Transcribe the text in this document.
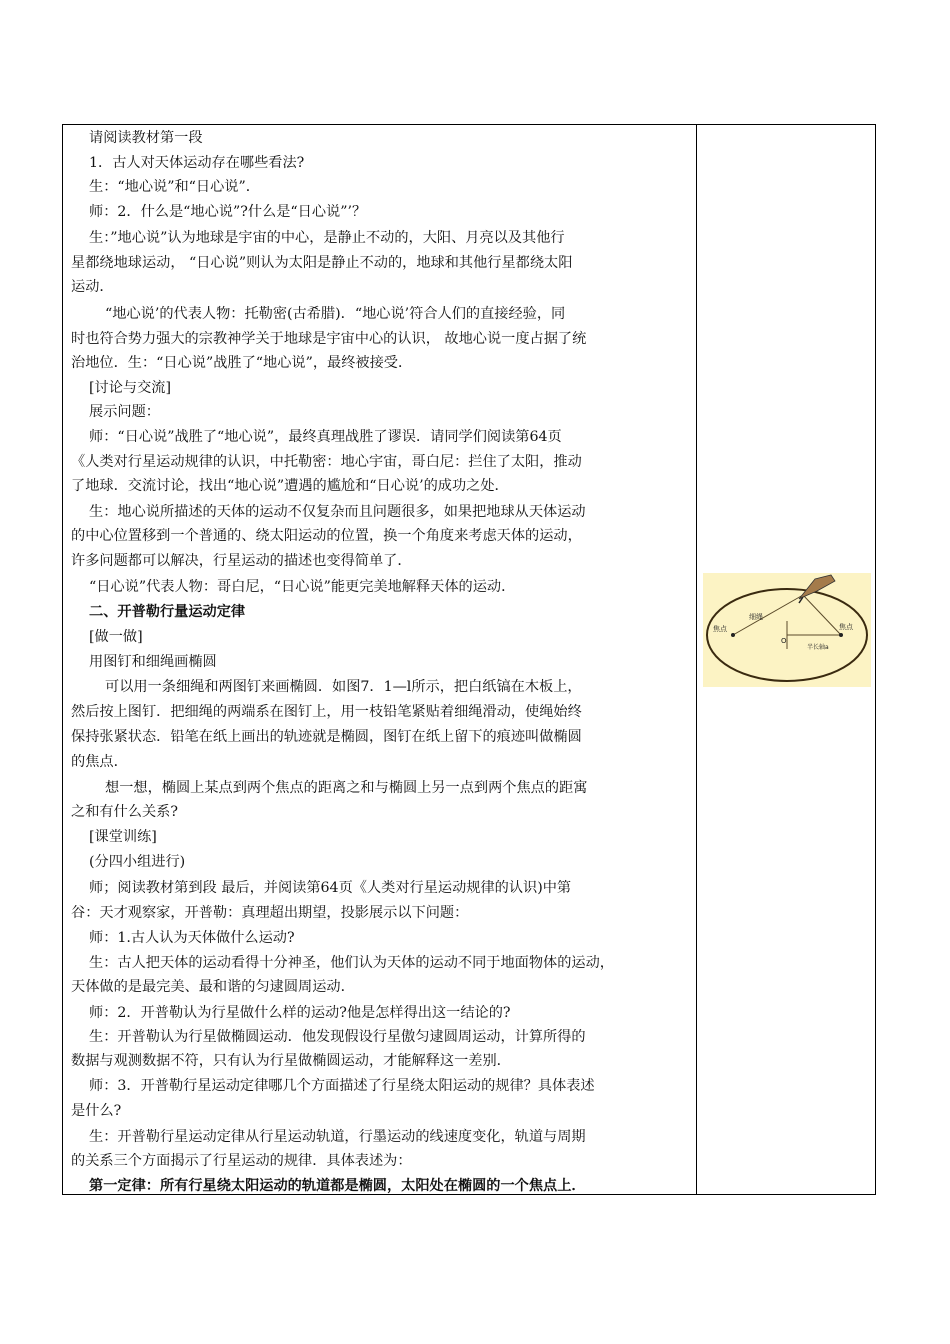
请阅读教材第一段
1．古人对天体运动存在哪些看法?
生：“地心说”和“日心说”．
师：2．什么是“地心说”?什么是“日心说”’？
生：”地心说”认为地球是宇宙的中心，是静止不动的，大阳、月亮以及其他行
星都绕地球运动， “日心说”则认为太阳是静止不动的，地球和其他行星都绕太阳
运动．
“地心说’的代表人物：托勒密(古希腊)．“地心说’符合人们的直接经验，同
时也符合势力强大的宗教神学关于地球是宇宙中心的认识， 故地心说一度占据了统
治地位．生：“日心说”战胜了“地心说”，最终被接受．
[讨论与交流]
展示问题：
师：“日心说”战胜了“地心说”，最终真理战胜了谬误．请同学们阅读第64页
《人类对行星运动规律的认识，中托勒密：地心宇宙，哥白尼：拦住了太阳，推动
了地球．交流讨论，找出“地心说”遭遇的尴尬和“日心说’的成功之处．
生：地心说所描述的天体的运动不仅复杂而且问题很多，如果把地球从天体运动
的中心位置移到一个普通的、绕太阳运动的位置，换一个角度来考虑天体的运动，
许多问题都可以解决，行星运动的描述也变得简单了．
“日心说”代表人物：哥白尼，“日心说”能更完美地解释天体的运动．
二、开普勒行量运动定律
[做一做]
用图钉和细绳画椭圆
可以用一条细绳和两图钉来画椭圆．如图7．1—l所示，把白纸镐在木板上，
然后按上图钉．把细绳的两端系在图钉上，用一枝铅笔紧贴着细绳滑动，使绳始终
保持张紧状态．铅笔在纸上画出的轨迹就是椭圆，图钉在纸上留下的痕迹叫做椭圆
的焦点．
想一想，椭圆上某点到两个焦点的距离之和与椭圆上另一点到两个焦点的距寓
之和有什么关系?
[课堂训练]
(分四小组进行)
师；阅读教材第到段 最后，并阅读第64页《人类对行星运动规律的认识)中第
谷：天才观察家，开普勒：真理超出期望，投影展示以下问题：
师：1.古人认为天体做什么运动?
生：古人把天体的运动看得十分神圣，他们认为天体的运动不同于地面物体的运动，
天体做的是最完美、最和谐的匀逮圆周运动．
师：2．开普勒认为行星做什么样的运动?他是怎样得出这一结论的?
生：开普勒认为行星做椭圆运动．他发现假设行星傲匀逮圆周运动，计算所得的
数据与观测数据不符，只有认为行星做椭圆运动，才能解释这一差别．
师：3．开普勒行星运动定律哪几个方面描述了行星绕太阳运动的规律？具体表述
是什么?
生：开普勒行星运动定律从行星运动轨道，行墨运动的线速度变化，轨道与周期
的关系三个方面揭示了行星运动的规律．具体表述为：
第一定律：所有行星绕太阳运动的轨道都是椭圆，太阳处在椭圆的一个焦点上．
细绳
焦点	焦点
O
半长轴a
